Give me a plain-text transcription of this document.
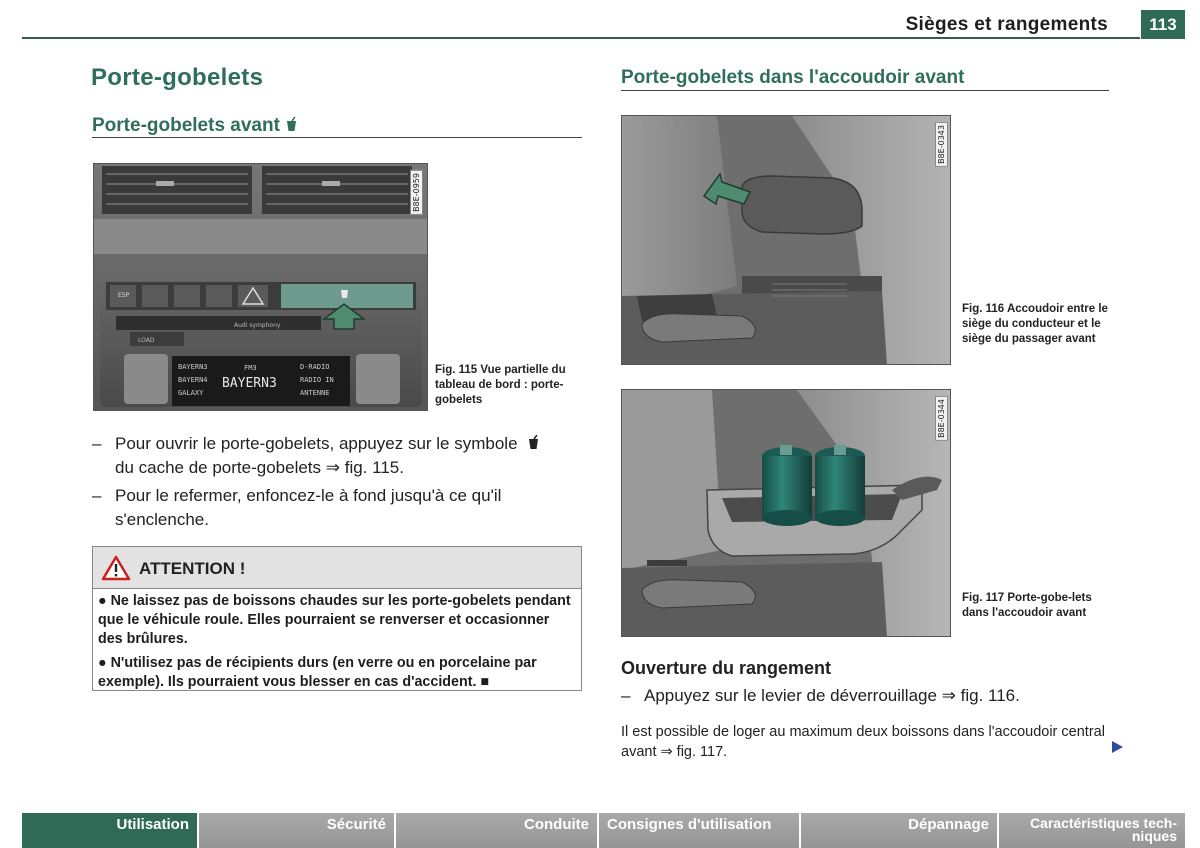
Sièges et rangements	113
Porte-gobelets
Porte-gobelets avant
LOAD
Audi symphony
ESP
BAYERN3
BAYERN4
GALAXY
FM3
BAYERN3
D-RADIO
RADIO IN
ANTENNE
B8E-0959
Fig. 115 Vue partielle du tableau de bord : porte-gobelets
– Pour ouvrir le porte-gobelets, appuyez sur le symbole

du cache de porte-gobelets ⇒ fig. 115.
– Pour le refermer, enfoncez-le à fond jusqu'à ce qu'il s'enclenche.
ATTENTION !
● Ne laissez pas de boissons chaudes sur les porte-gobelets pendant que le véhicule roule. Elles pourraient se renverser et occasionner des brûlures.
● N'utilisez pas de récipients durs (en verre ou en porcelaine par exemple). Ils pourraient vous blesser en cas d'accident. ■
Porte-gobelets dans l'accoudoir avant
B8E-0343
Fig. 116 Accoudoir entre le siège du conducteur et le siège du passager avant
B8E-0344
Fig. 117 Porte-gobe-lets dans l'accoudoir avant
Ouverture du rangement
– Appuyez sur le levier de déverrouillage ⇒ fig. 116.
Il est possible de loger au maximum deux boissons dans l'accoudoir central avant ⇒ fig. 117.
Utilisation	Sécurité	Conduite	Consignes d'utilisation	Dépannage	Caractéristiques tech-niques
